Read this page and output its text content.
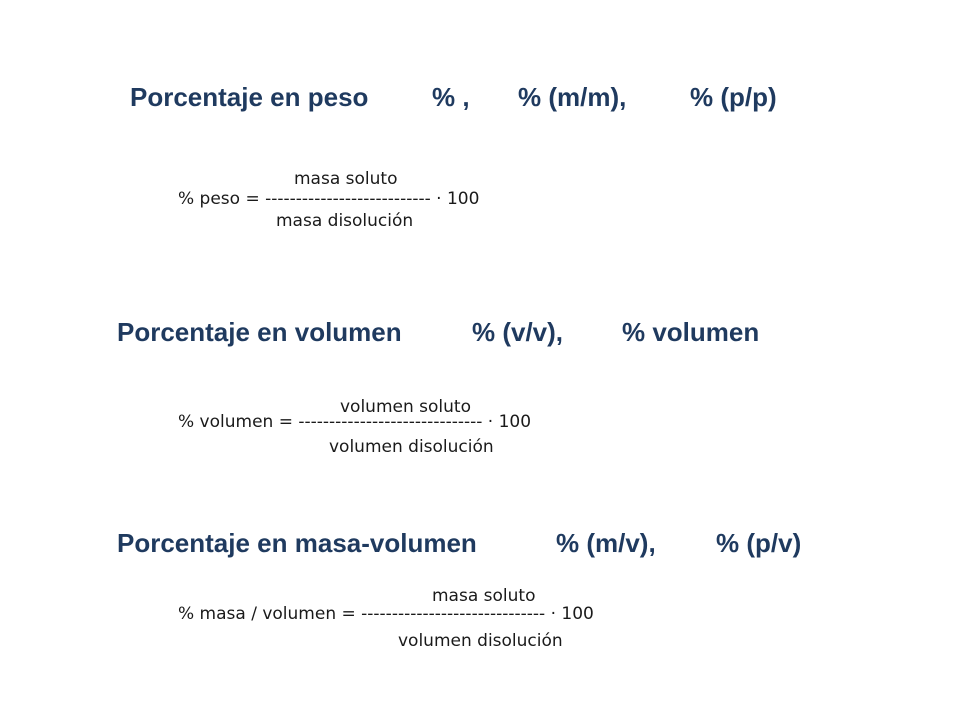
Porcentaje en peso % , % (m/m), % (p/p)
masa soluto
% peso = --------------------------- · 100
masa disolución
Porcentaje en volumen	% (v/v), % volumen
volumen soluto
% volumen = ------------------------------ · 100
volumen disolución
Porcentaje en masa-volumen	% (m/v), % (p/v)
masa soluto
% masa / volumen = ------------------------------ · 100
volumen disolución
